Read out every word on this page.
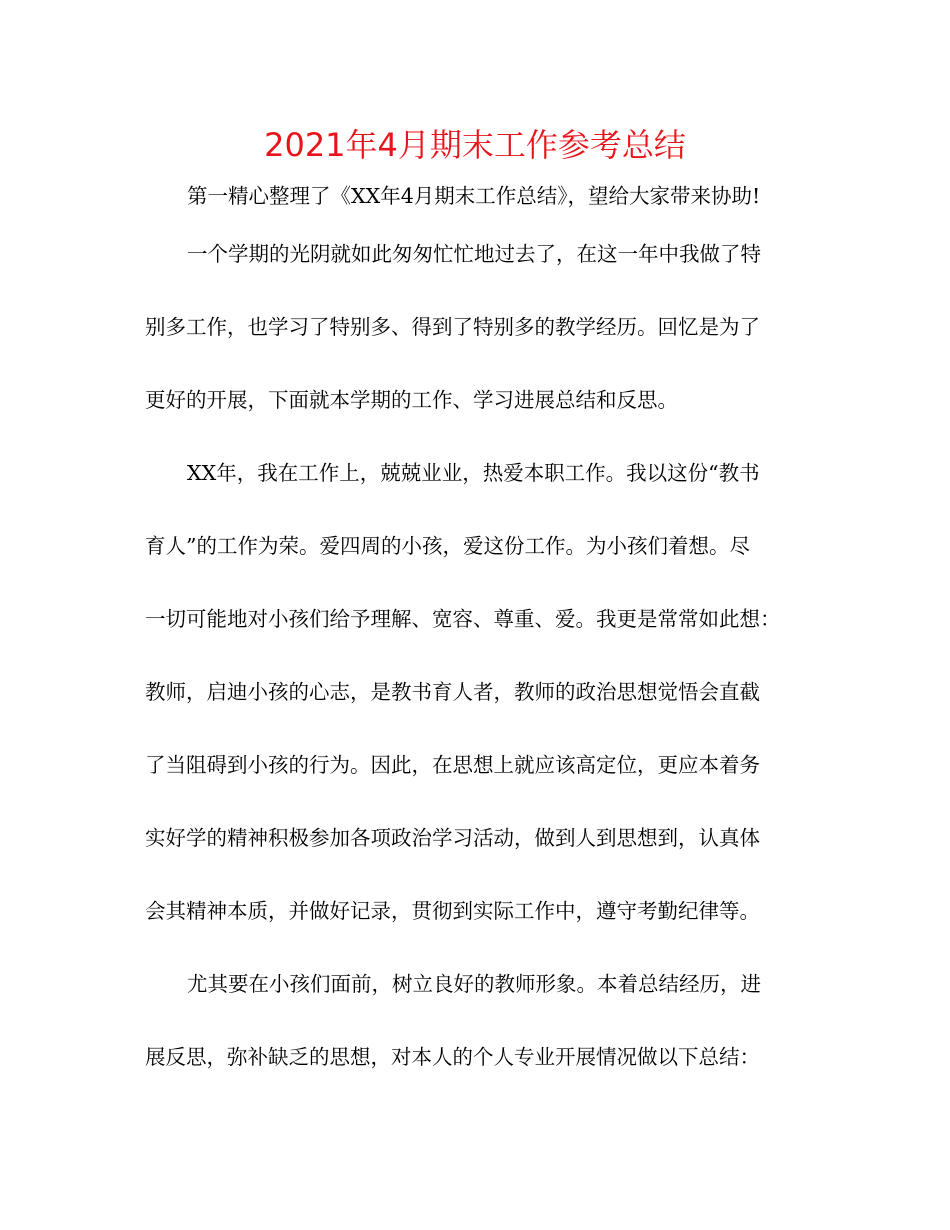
2021年4月期末工作参考总结
第一精心整理了《XX年4月期末工作总结》，望给大家带来协助!
一个学期的光阴就如此匆匆忙忙地过去了，在这一年中我做了特
别多工作，也学习了特别多、得到了特别多的教学经历。回忆是为了
更好的开展，下面就本学期的工作、学习进展总结和反思。
XX年，我在工作上，兢兢业业，热爱本职工作。我以这份“教书
育人”的工作为荣。爱四周的小孩，爱这份工作。为小孩们着想。尽
一切可能地对小孩们给予理解、宽容、尊重、爱。我更是常常如此想：
教师，启迪小孩的心志，是教书育人者，教师的政治思想觉悟会直截
了当阻碍到小孩的行为。因此，在思想上就应该高定位，更应本着务
实好学的精神积极参加各项政治学习活动，做到人到思想到，认真体
会其精神本质，并做好记录，贯彻到实际工作中，遵守考勤纪律等。
尤其要在小孩们面前，树立良好的教师形象。本着总结经历，进
展反思，弥补缺乏的思想，对本人的个人专业开展情况做以下总结：
